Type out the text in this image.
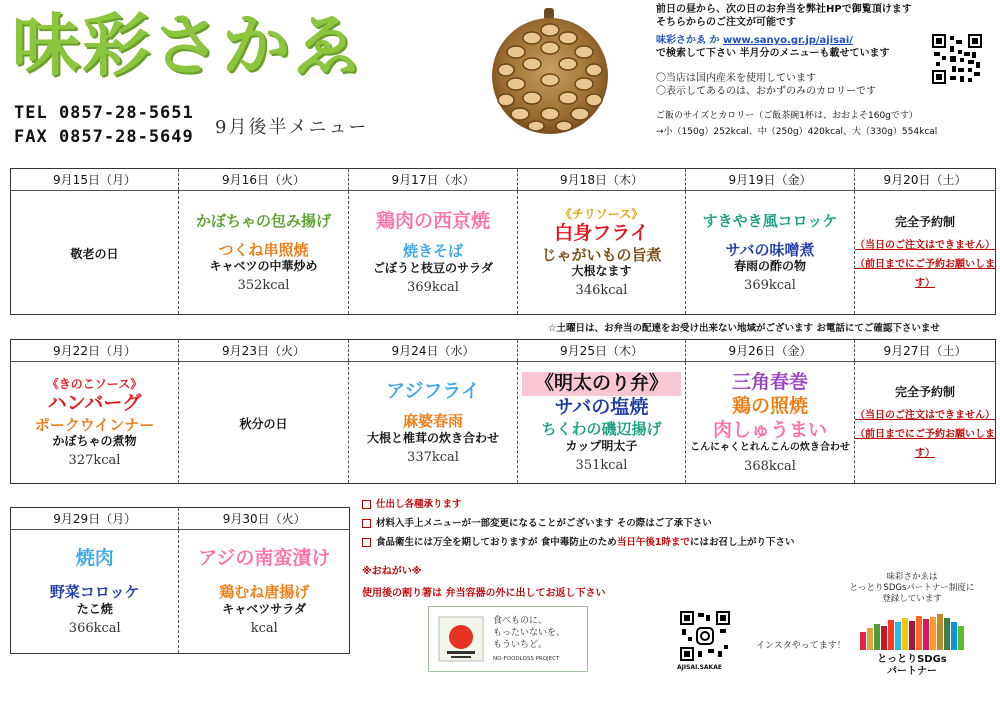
味彩さかゑ
TEL 0857-28-5651
FAX 0857-28-5649 9月後半メニュー
前日の昼から、次の日のお弁当を弊社HPで御覧頂けます
そちらからのご注文が可能です
味彩さかゑ か www.sanyo.gr.jp/ajisai/
で検索して下さい 半月分のメニューも載せています
〇当店は国内産米を使用しています
〇表示してあるのは、おかずのみのカロリーです
ご飯のサイズとカロリー（ご飯茶碗1杯は、おおよそ160gです）
→小（150g）252kcal、中（250g）420kcal、大（330g）554kcal
9月15日（月）	9月16日（火）	9月17日（水）	9月18日（木）	9月19日（金）	9月20日（土）
敬老の日	かぼちゃの包み揚げ
つくね串照焼
キャベツの中華炒め
352kcal	鶏肉の西京焼
焼きそば
ごぼうと枝豆のサラダ
369kcal	《チリソース》
白身フライ
じゃがいもの旨煮
大根なます
346kcal	すきやき風コロッケ
サバの味噌煮
春雨の酢の物
369kcal	完全予約制
（当日のご注文はできません）
（前日までにご予約お願いします）
☆土曜日は、お弁当の配達をお受け出来ない地域がございます お電話にてご確認下さいませ
9月22日（月）	9月23日（火）	9月24日（水）	9月25日（木）	9月26日（金）	9月27日（土）

《きのこソース》
ハンバーグ
ポークウインナー
かぼちゃの煮物
327kcal	秋分の日	アジフライ
麻婆春雨
大根と椎茸の炊き合わせ
337kcal	《明太のり弁》
サバの塩焼
ちくわの磯辺揚げ
カップ明太子
351kcal	三角春巻
鶏の照焼
肉しゅうまい
こんにゃくとれんこんの炊き合わせ
368kcal	完全予約制
（当日のご注文はできません）
（前日までにご予約お願いします）
9月29日（月）	9月30日（火）

焼肉
野菜コロッケ
たこ焼
366kcal	アジの南蛮漬け
鶏むね唐揚げ
キャベツサラダ
kcal
仕出し各種承ります
材料入手上メニューが一部変更になることがございます その際はご了承下さい
食品衛生には万全を期しておりますが 食中毒防止のため当日午後1時までにはお召し上がり下さい
※おねがい※
使用後の割り箸は 弁当容器の外に出してお返し下さい
食べものに、
もったいないを、
もういちど。
NO-FOODLOSS PROJECT
AJISAI.SAKAE
インスタやってます！
味彩さかゑは
とっとりSDGsパートナー制度に
登録しています
とっとりSDGs
パートナー
